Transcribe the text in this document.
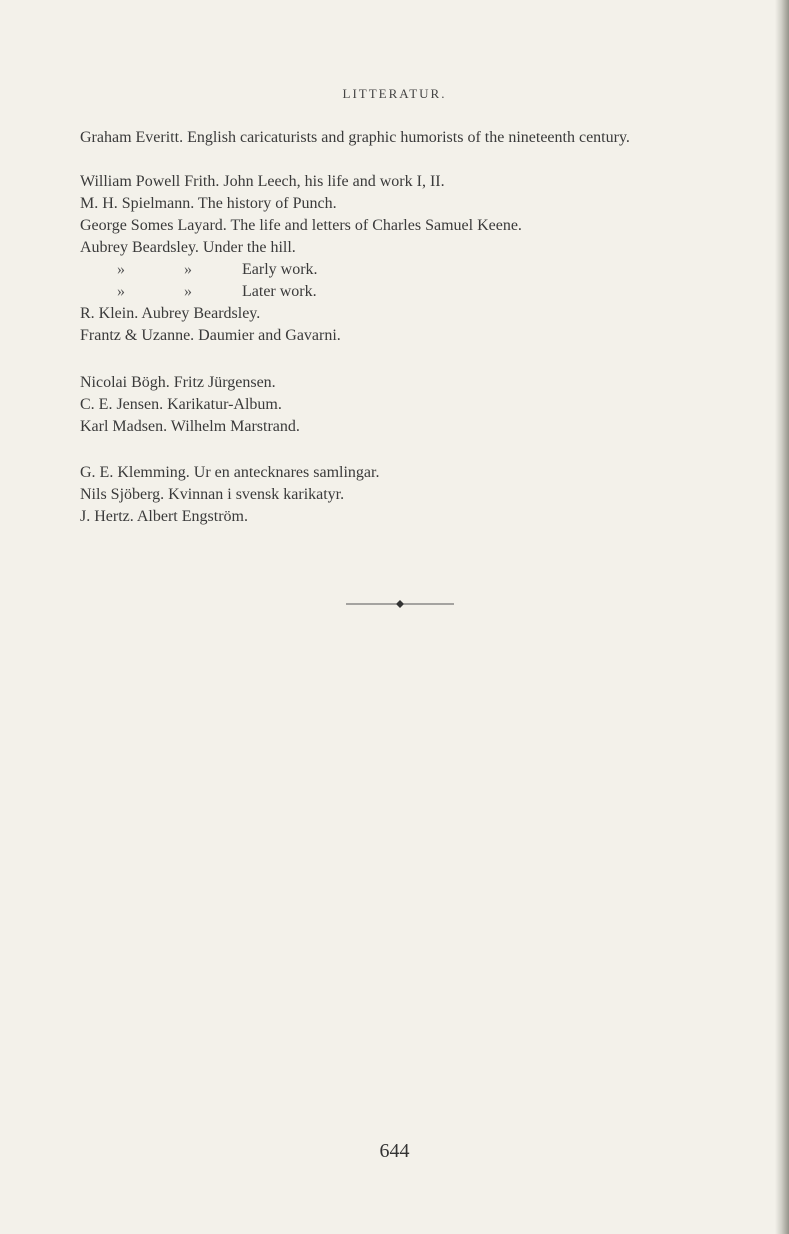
LITTERATUR.
Graham Everitt. English caricaturists and graphic humorists of the nineteenth century.
William Powell Frith. John Leech, his life and work I, II.
M. H. Spielmann. The history of Punch.
George Somes Layard. The life and letters of Charles Samuel Keene.
Aubrey Beardsley. Under the hill.
»	»	Early work.
»	»	Later work.
R. Klein. Aubrey Beardsley.
Frantz & Uzanne. Daumier and Gavarni.
Nicolai Bögh. Fritz Jürgensen.
C. E. Jensen. Karikatur-Album.
Karl Madsen. Wilhelm Marstrand.
G. E. Klemming. Ur en antecknares samlingar.
Nils Sjöberg. Kvinnan i svensk karikatyr.
J. Hertz. Albert Engström.
644
